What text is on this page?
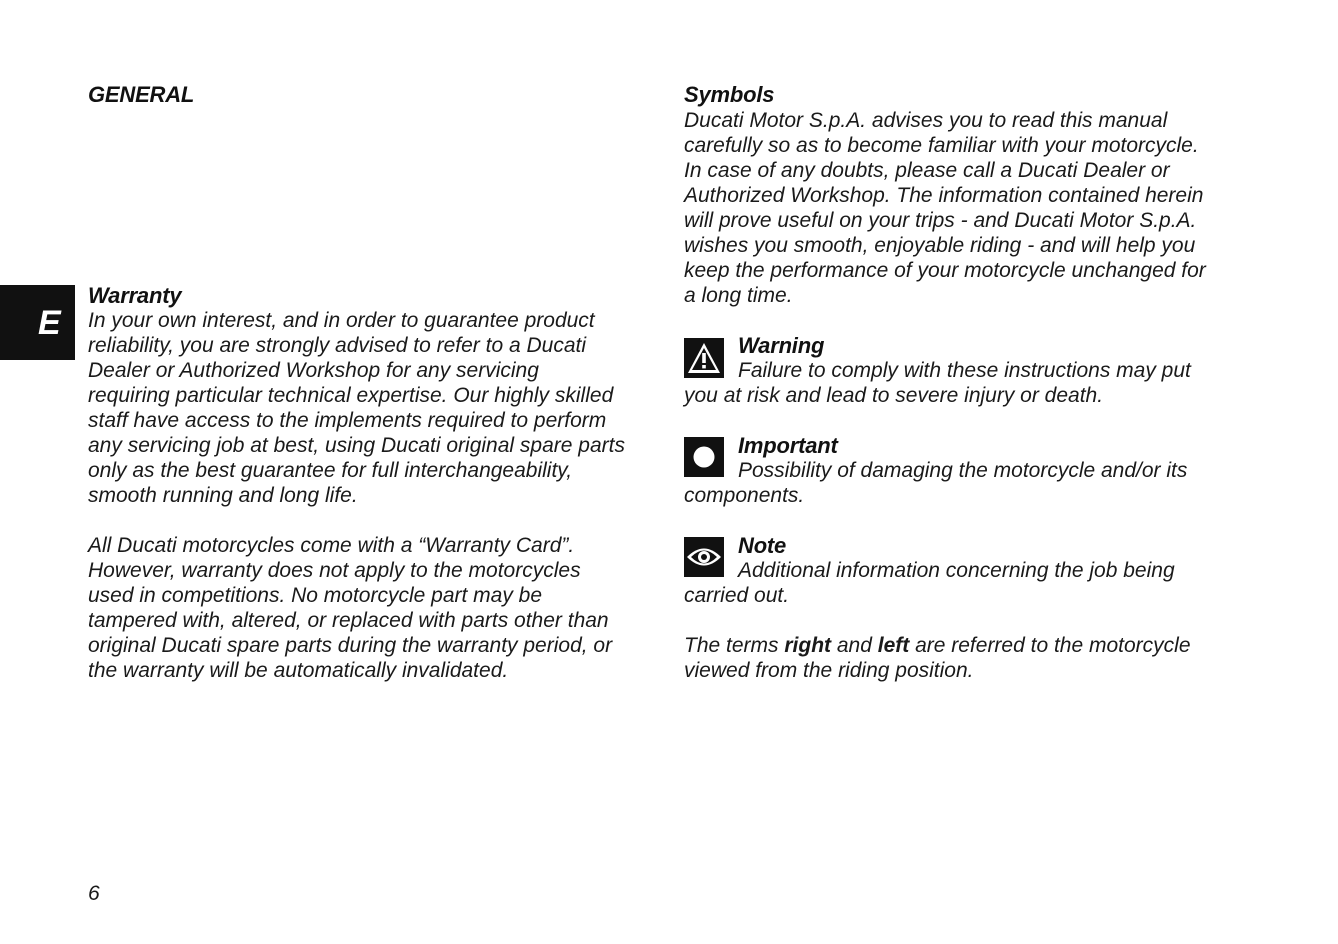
GENERAL
E
Warranty

In your own interest, and in order to guarantee product
reliability, you are strongly advised to refer to a Ducati
Dealer or Authorized Workshop for any servicing
requiring particular technical expertise. Our highly skilled
staff have access to the implements required to perform
any servicing job at best, using Ducati original spare parts
only as the best guarantee for full interchangeability,
smooth running and long life.

All Ducati motorcycles come with a “Warranty Card”.
However, warranty does not apply to the motorcycles
used in competitions. No motorcycle part may be
tampered with, altered, or replaced with parts other than
original Ducati spare parts during the warranty period, or
the warranty will be automatically invalidated.

6

Symbols

Ducati Motor S.p.A. advises you to read this manual
carefully so as to become familiar with your motorcycle.
In case of any doubts, please call a Ducati Dealer or
Authorized Workshop. The information contained herein
will prove useful on your trips - and Ducati Motor S.p.A.
wishes you smooth, enjoyable riding - and will help you
keep the performance of your motorcycle unchanged for
a long time.

Warning

Failure to comply with these instructions may put
you at risk and lead to severe injury or death.

Important

Possibility of damaging the motorcycle and/or its
components.

Note

Additional information concerning the job being
carried out.

The terms right and left are referred to the motorcycle
viewed from the riding position.
